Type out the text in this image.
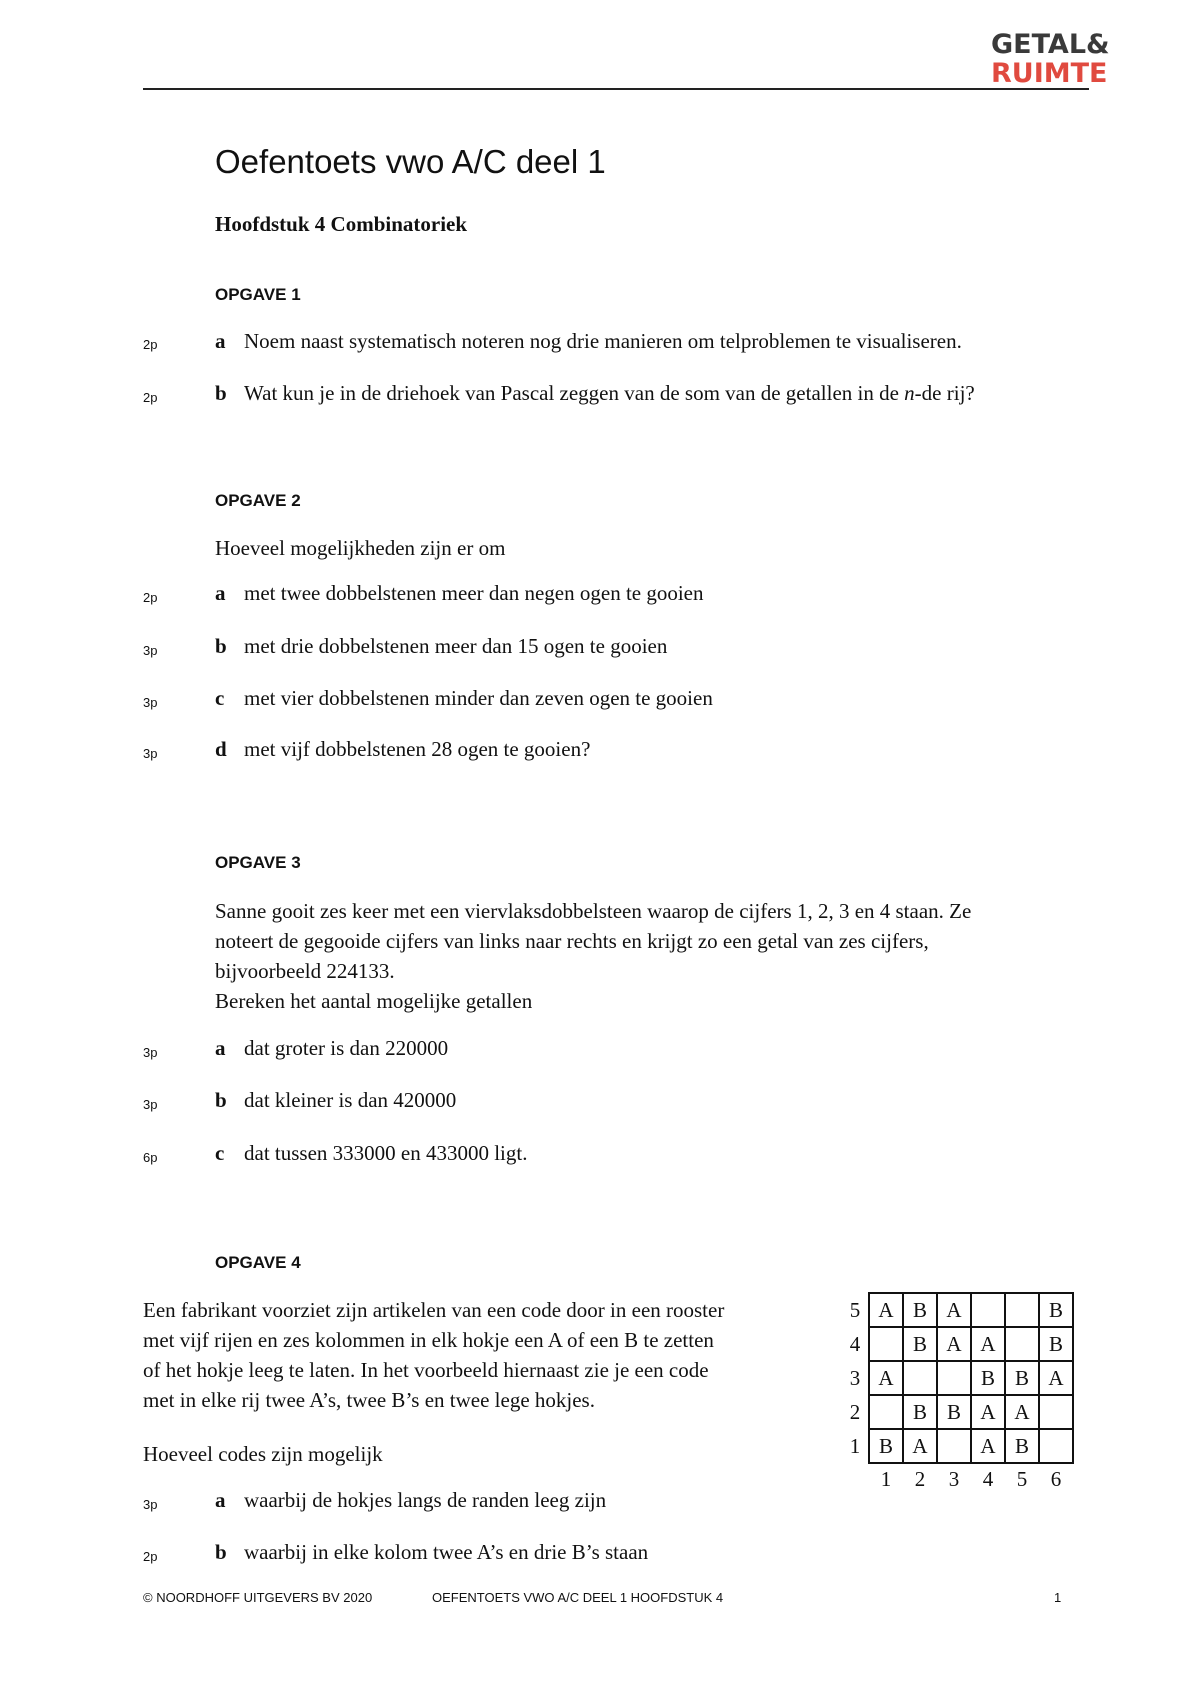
GETAL&
RUIMTE
Oefentoets vwo A/C deel 1
Hoofdstuk 4 Combinatoriek
OPGAVE 1
2p	a Noem naast systematisch noteren nog drie manieren om telproblemen te visualiseren.
2p	b Wat kun je in de driehoek van Pascal zeggen van de som van de getallen in de n-de rij?
OPGAVE 2
Hoeveel mogelijkheden zijn er om
2p	a met twee dobbelstenen meer dan negen ogen te gooien
3p	b met drie dobbelstenen meer dan 15 ogen te gooien
3p	c met vier dobbelstenen minder dan zeven ogen te gooien
3p	d met vijf dobbelstenen 28 ogen te gooien?
OPGAVE 3
Sanne gooit zes keer met een viervlaksdobbelsteen waarop de cijfers 1, 2, 3 en 4 staan. Ze
noteert de gegooide cijfers van links naar rechts en krijgt zo een getal van zes cijfers,
bijvoorbeeld 224133.
Bereken het aantal mogelijke getallen
3p	a dat groter is dan 220000
3p	b dat kleiner is dan 420000
6p	c dat tussen 333000 en 433000 ligt.
OPGAVE 4
Een fabrikant voorziet zijn artikelen van een code door in een rooster
met vijf rijen en zes kolommen in elk hokje een A of een B te zetten
of het hokje leeg te laten. In het voorbeeld hiernaast zie je een code
met in elke rij twee A’s, twee B’s en twee lege hokjes.
Hoeveel codes zijn mogelijk
3p	a waarbij de hokjes langs de randen leeg zijn
2p	b waarbij in elke kolom twee A’s en drie B’s staan
5	A	B	A			B
4		B	A	A		B
3	A			B	B	A
2		B	B	A	A	
1	B	A		A	B	
	1	2	3	4	5	6
© NOORDHOFF UITGEVERS BV 2020	OEFENTOETS VWO A/C DEEL 1 HOOFDSTUK 4	1
